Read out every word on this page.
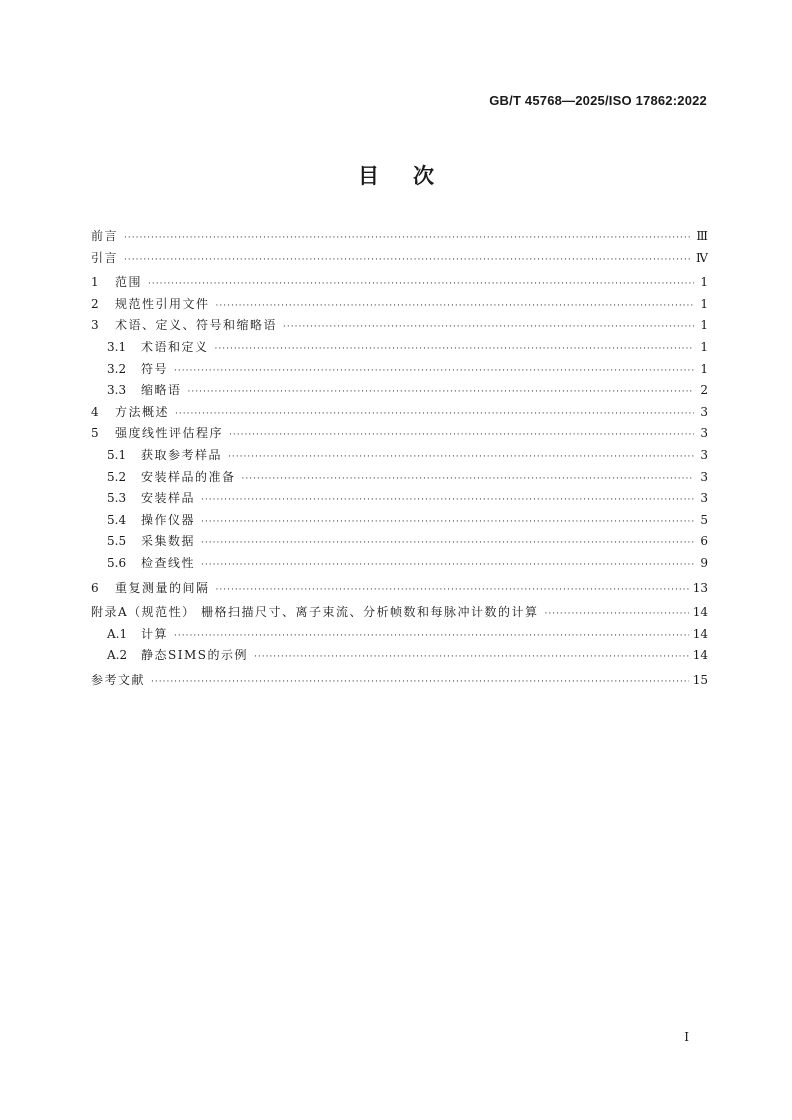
GB/T 45768—2025/ISO 17862:2022
目次
前言 ·····	Ⅲ
引言 ·····	Ⅳ
1	范围 ·····	1
2	规范性引用文件 ·····	1
3	术语、定义、符号和缩略语 ·····	1
3.1	术语和定义 ·····	1
3.2	符号 ·····	1
3.3	缩略语 ·····	2
4	方法概述 ·····	3
5	强度线性评估程序 ·····	3
5.1	获取参考样品 ·····	3
5.2	安装样品的准备 ·····	3
5.3	安装样品 ·····	3
5.4	操作仪器 ·····	5
5.5	采集数据 ·····	6
5.6	检查线性 ·····	9
6	重复测量的间隔 ·····	13
附录A（规范性） 栅格扫描尺寸、离子束流、分析帧数和每脉冲计数的计算 ·····	14
A.1	计算 ·····	14
A.2	静态SIMS的示例 ·····	14
参考文献 ·····	15
I
